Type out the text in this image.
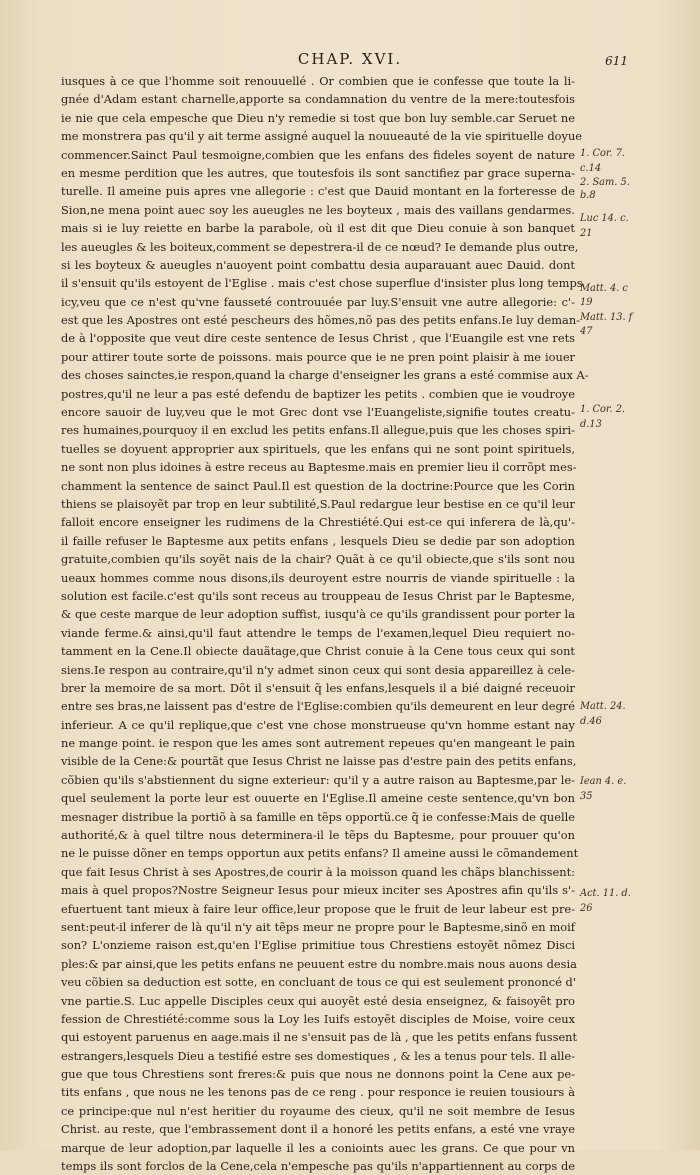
CHAP. XVI.	611
iusques à ce que l'homme soit renouuellé . Or combien que ie confesse que toute la li-
gnée d'Adam estant charnelle,apporte sa condamnation du ventre de la mere:toutesfois
ie nie que cela empesche que Dieu n'y remedie si tost que bon luy semble.car Seruet ne
me monstrera pas qu'il y ait terme assigné auquel la nouueauté de la vie spirituelle doyue
commencer.Sainct Paul tesmoigne,combien que les enfans des fideles soyent de nature
en mesme perdition que les autres, que toutesfois ils sont sanctifiez par grace superna-
turelle. Il ameine puis apres vne allegorie : c'est que Dauid montant en la forteresse de
Sion,ne mena point auec soy les aueugles ne les boyteux , mais des vaillans gendarmes.
mais si ie luy reiette en barbe la parabole, où il est dit que Dieu conuie à son banquet
les aueugles & les boiteux,comment se depestrera-il de ce nœud? Ie demande plus outre,
si les boyteux & aueugles n'auoyent point combattu desia auparauant auec Dauid. dont
il s'ensuit qu'ils estoyent de l'Eglise . mais c'est chose superflue d'insister plus long temps
icy,veu que ce n'est qu'vne fausseté controuuée par luy.S'ensuit vne autre allegorie: c'-
est que les Apostres ont esté pescheurs des hõmes,nõ pas des petits enfans.Ie luy deman-
de à l'opposite que veut dire ceste sentence de Iesus Christ , que l'Euangile est vne rets
pour attirer toute sorte de poissons. mais pource que ie ne pren point plaisir à me iouer
des choses sainctes,ie respon,quand la charge d'enseigner les grans a esté commise aux A-
postres,qu'il ne leur a pas esté defendu de baptizer les petits . combien que ie voudroye
encore sauoir de luy,veu que le mot Grec dont vse l'Euangeliste,signifie toutes creatu-
res humaines,pourquoy il en exclud les petits enfans.Il allegue,puis que les choses spiri-
tuelles se doyuent approprier aux spirituels, que les enfans qui ne sont point spirituels,
ne sont non plus idoines à estre receus au Baptesme.mais en premier lieu il corrõpt mes-
chamment la sentence de sainct Paul.Il est question de la doctrine:Pource que les Corin
thiens se plaisoyẽt par trop en leur subtilité,S.Paul redargue leur bestise en ce qu'il leur
falloit encore enseigner les rudimens de la Chrestiété.Qui est-ce qui inferera de là,qu'-
il faille refuser le Baptesme aux petits enfans , lesquels Dieu se dedie par son adoption
gratuite,combien qu'ils soyẽt nais de la chair? Quãt à ce qu'il obiecte,que s'ils sont nou
ueaux hommes comme nous disons,ils deuroyent estre nourris de viande spirituelle : la
solution est facile.c'est qu'ils sont receus au trouppeau de Iesus Christ par le Baptesme,
& que ceste marque de leur adoption suffist, iusqu'à ce qu'ils grandissent pour porter la
viande ferme.& ainsi,qu'il faut attendre le temps de l'examen,lequel Dieu requiert no-
tamment en la Cene.Il obiecte dauãtage,que Christ conuie à la Cene tous ceux qui sont
siens.Ie respon au contraire,qu'il n'y admet sinon ceux qui sont desia appareillez à cele-
brer la memoire de sa mort. Dõt il s'ensuit q̃ les enfans,lesquels il a bié daigné receuoir
entre ses bras,ne laissent pas d'estre de l'Eglise:combien qu'ils demeurent en leur degré
inferieur. A ce qu'il replique,que c'est vne chose monstrueuse qu'vn homme estant nay
ne mange point. ie respon que les ames sont autrement repeues qu'en mangeant le pain
visible de la Cene:& pourtãt que Iesus Christ ne laisse pas d'estre pain des petits enfans,
cõbien qu'ils s'abstiennent du signe exterieur: qu'il y a autre raison au Baptesme,par le-
quel seulement la porte leur est ouuerte en l'Eglise.Il ameine ceste sentence,qu'vn bon
mesnager distribue la portiõ à sa famille en tẽps opportũ.ce q̃ ie confesse:Mais de quelle
authorité,& à quel tiltre nous determinera-il le tẽps du Baptesme, pour prouuer qu'on
ne le puisse dõner en temps opportun aux petits enfans? Il ameine aussi le cõmandement
que fait Iesus Christ à ses Apostres,de courir à la moisson quand les chãps blanchissent:
mais à quel propos?Nostre Seigneur Iesus pour mieux inciter ses Apostres afin qu'ils s'-
efuertuent tant mieux à faire leur office,leur propose que le fruit de leur labeur est pre-
sent:peut-il inferer de là qu'il n'y ait tẽps meur ne propre pour le Baptesme,sinõ en moif
son? L'onzieme raison est,qu'en l'Eglise primitiue tous Chrestiens estoyẽt nõmez Disci
ples:& par ainsi,que les petits enfans ne peuuent estre du nombre.mais nous auons desia
veu cõbien sa deduction est sotte, en concluant de tous ce qui est seulement prononcé d'
vne partie.S. Luc appelle Disciples ceux qui auoyẽt esté desia enseignez, & faisoyẽt pro
fession de Chrestiété:comme sous la Loy les Iuifs estoyẽt disciples de Moise, voire ceux
qui estoyent paruenus en aage.mais il ne s'ensuit pas de là , que les petits enfans fussent
estrangers,lesquels Dieu a testifié estre ses domestiques , & les a tenus pour tels. Il alle-
gue que tous Chrestiens sont freres:& puis que nous ne donnons point la Cene aux pe-
tits enfans , que nous ne les tenons pas de ce reng . pour responce ie reuien tousiours à
ce principe:que nul n'est heritier du royaume des cieux, qu'il ne soit membre de Iesus
Christ. au reste, que l'embrassement dont il a honoré les petits enfans, a esté vne vraye
marque de leur adoption,par laquelle il les a conioints auec les grans. Ce que pour vn
temps ils sont forclos de la Cene,cela n'empesche pas qu'ils n'appartiennent au corps de
1. Cor. 7.
c.14
2. Sam. 5.
b.8
Luc 14. c.
21
Matt. 4. c
19
Matt. 13. f
47
1. Cor. 2.
d.13
Matt. 24.
d.46
Iean 4. e.
35
Act. 11. d.
26
